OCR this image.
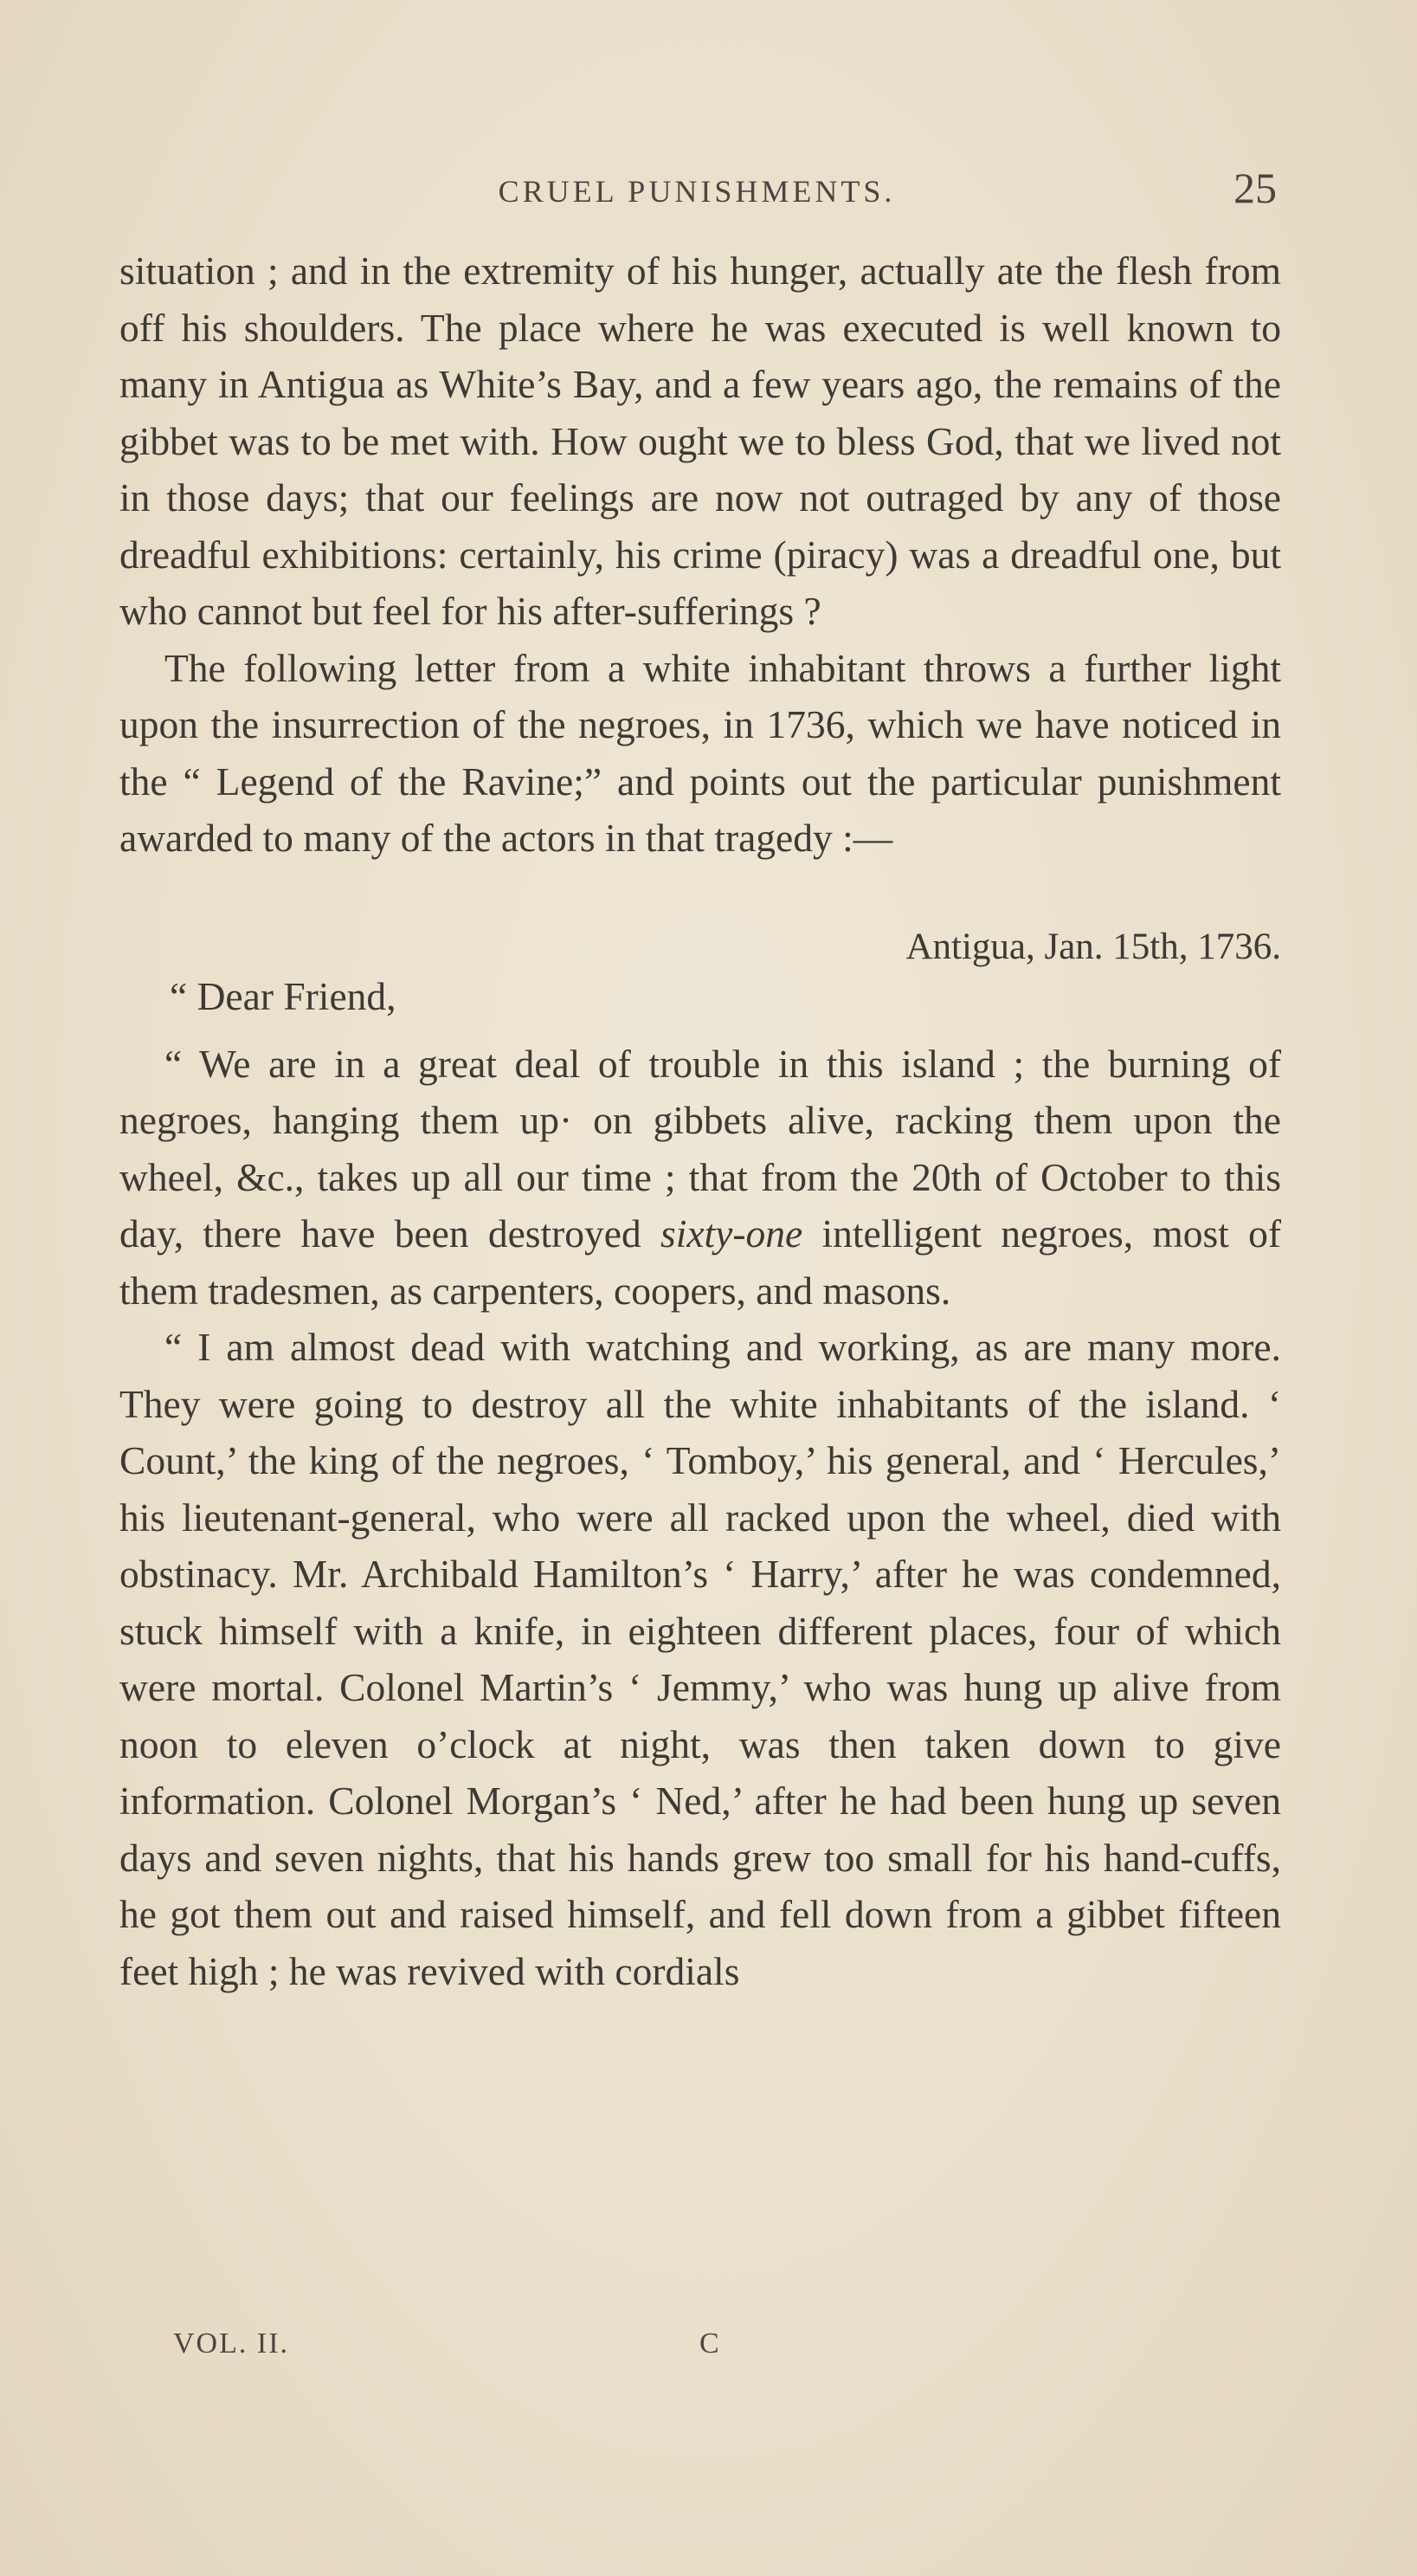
CRUEL PUNISHMENTS.	25

situation ; and in the extremity of his hunger, actually ate the flesh from off his shoulders. The place where he was executed is well known to many in Antigua as White’s Bay, and a few years ago, the remains of the gibbet was to be met with. How ought we to bless God, that we lived not in those days; that our feelings are now not outraged by any of those dreadful exhibitions: certainly, his crime (piracy) was a dreadful one, but who cannot but feel for his after-sufferings ?

The following letter from a white inhabitant throws a further light upon the insurrection of the negroes, in 1736, which we have noticed in the “ Legend of the Ravine;” and points out the particular punishment awarded to many of the actors in that tragedy :—

Antigua, Jan. 15th, 1736.

“ Dear Friend,

“ We are in a great deal of trouble in this island ; the burning of negroes, hanging them up· on gibbets alive, racking them upon the wheel, &c., takes up all our time ; that from the 20th of October to this day, there have been destroyed sixty-one intelligent negroes, most of them tradesmen, as carpenters, coopers, and masons.

“ I am almost dead with watching and working, as are many more. They were going to destroy all the white inhabitants of the island. ‘ Count,’ the king of the negroes, ‘ Tomboy,’ his general, and ‘ Hercules,’ his lieutenant-general, who were all racked upon the wheel, died with obstinacy. Mr. Archibald Hamilton’s ‘ Harry,’ after he was condemned, stuck himself with a knife, in eighteen different places, four of which were mortal. Colonel Martin’s ‘ Jemmy,’ who was hung up alive from noon to eleven o’clock at night, was then taken down to give information. Colonel Morgan’s ‘ Ned,’ after he had been hung up seven days and seven nights, that his hands grew too small for his hand-cuffs, he got them out and raised himself, and fell down from a gibbet fifteen feet high ; he was revived with cordials

VOL. II.	C
